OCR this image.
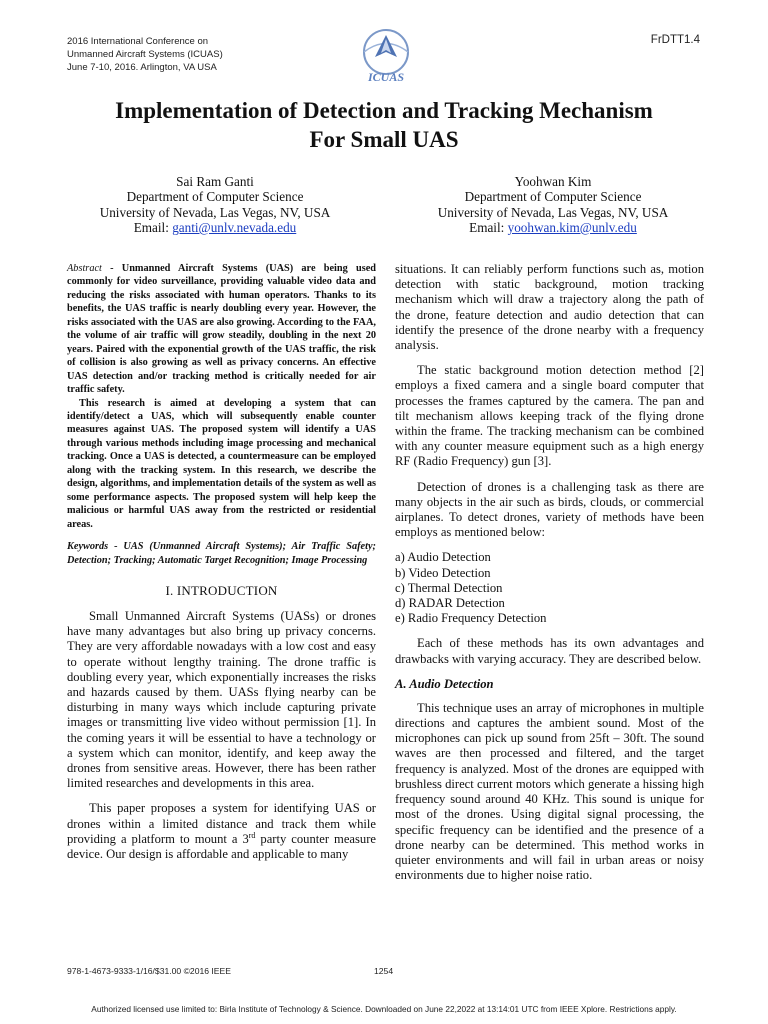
2016 International Conference on
Unmanned Aircraft Systems (ICUAS)
June 7-10, 2016. Arlington, VA USA
ICUAS
FrDTT1.4
Implementation of Detection and Tracking Mechanism
For Small UAS
Sai Ram Ganti
Department of Computer Science
University of Nevada, Las Vegas, NV, USA
Email: ganti@unlv.nevada.edu
Yoohwan Kim
Department of Computer Science
University of Nevada, Las Vegas, NV, USA
Email: yoohwan.kim@unlv.edu

Abstract - Unmanned Aircraft Systems (UAS) are being used commonly for video surveillance, providing valuable video data and reducing the risks associated with human operators. Thanks to its benefits, the UAS traffic is nearly doubling every year. However, the risks associated with the UAS are also growing. According to the FAA, the volume of air traffic will grow steadily, doubling in the next 20 years. Paired with the exponential growth of the UAS traffic, the risk of collision is also growing as well as privacy concerns. An effective UAS detection and/or tracking method is critically needed for air traffic safety.

This research is aimed at developing a system that can identify/detect a UAS, which will subsequently enable counter measures against UAS. The proposed system will identify a UAS through various methods including image processing and mechanical tracking. Once a UAS is detected, a countermeasure can be employed along with the tracking system. In this research, we describe the design, algorithms, and implementation details of the system as well as some performance aspects. The proposed system will help keep the malicious or harmful UAS away from the restricted or residential areas.

Keywords - UAS (Unmanned Aircraft Systems); Air Traffic Safety; Detection; Tracking; Automatic Target Recognition; Image Processing
I. INTRODUCTION

Small Unmanned Aircraft Systems (UASs) or drones have many advantages but also bring up privacy concerns. They are very affordable nowadays with a low cost and easy to operate without lengthy training. The drone traffic is doubling every year, which exponentially increases the risks and hazards caused by them. UASs flying nearby can be disturbing in many ways which include capturing private images or transmitting live video without permission [1]. In the coming years it will be essential to have a technology or a system which can monitor, identify, and keep away the drones from sensitive areas. However, there has been rather limited researches and developments in this area.

This paper proposes a system for identifying UAS or drones within a limited distance and track them while providing a platform to mount a 3rd party counter measure device. Our design is affordable and applicable to many

situations. It can reliably perform functions such as, motion detection with static background, motion tracking mechanism which will draw a trajectory along the path of the drone, feature detection and audio detection that can identify the presence of the drone nearby with a frequency analysis.

The static background motion detection method [2] employs a fixed camera and a single board computer that processes the frames captured by the camera. The pan and tilt mechanism allows keeping track of the flying drone within the frame. The tracking mechanism can be combined with any counter measure equipment such as a high energy RF (Radio Frequency) gun [3].

Detection of drones is a challenging task as there are many objects in the air such as birds, clouds, or commercial airplanes. To detect drones, variety of methods have been employs as mentioned below:

a) Audio Detection
b) Video Detection
c) Thermal Detection
d) RADAR Detection
e) Radio Frequency Detection

Each of these methods has its own advantages and drawbacks with varying accuracy. They are described below.

A. Audio Detection

This technique uses an array of microphones in multiple directions and captures the ambient sound. Most of the microphones can pick up sound from 25ft – 30ft. The sound waves are then processed and filtered, and the target frequency is analyzed. Most of the drones are equipped with brushless direct current motors which generate a hissing high frequency sound around 40 KHz. This sound is unique for most of the drones. Using digital signal processing, the specific frequency can be identified and the presence of a drone nearby can be determined. This method works in quieter environments and will fail in urban areas or noisy environments due to higher noise ratio.

978-1-4673-9333-1/16/$31.00 ©2016 IEEE	1254
Authorized licensed use limited to: Birla Institute of Technology & Science. Downloaded on June 22,2022 at 13:14:01 UTC from IEEE Xplore. Restrictions apply.
